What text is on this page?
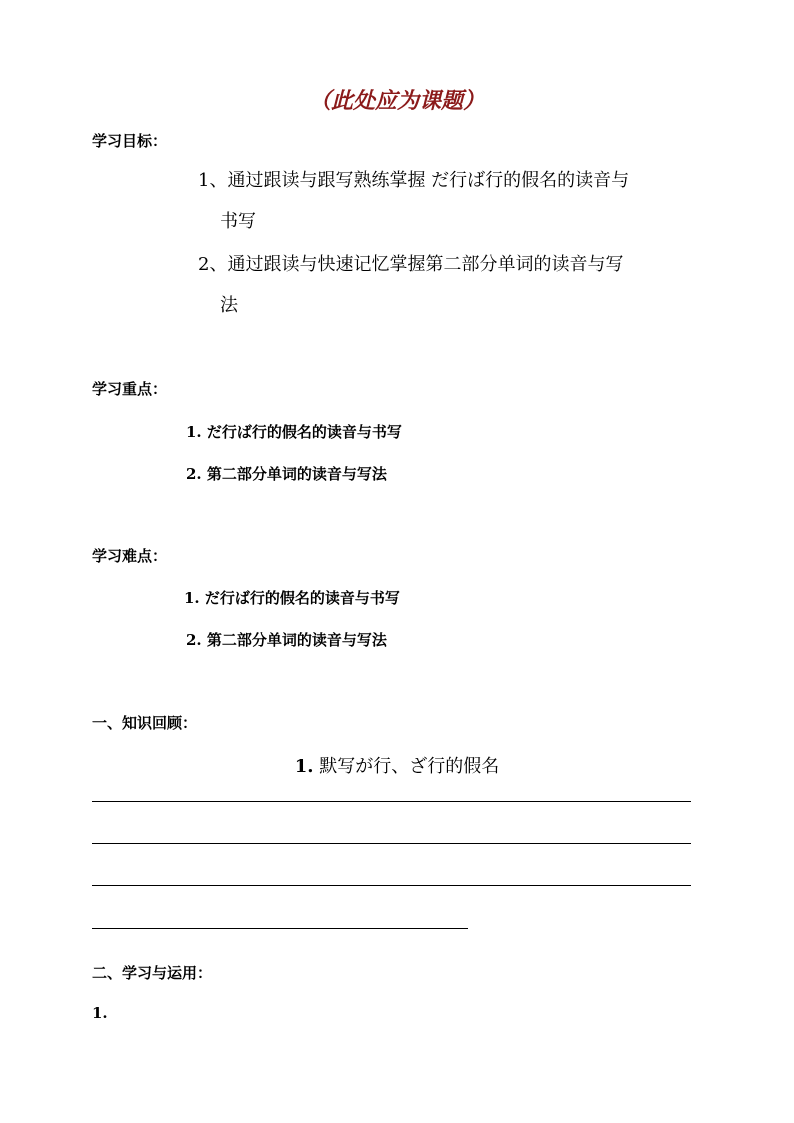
（此处应为课题）
学习目标：
1、通过跟读与跟写熟练掌握 だ行ば行的假名的读音与
书写
2、通过跟读与快速记忆掌握第二部分单词的读音与写
法
学习重点：
1. だ行ば行的假名的读音与书写
2. 第二部分单词的读音与写法
学习难点：
1. だ行ば行的假名的读音与书写
2. 第二部分单词的读音与写法
一、知识回顾：
1. 默写が行、ざ行的假名
二、学习与运用：
1.
